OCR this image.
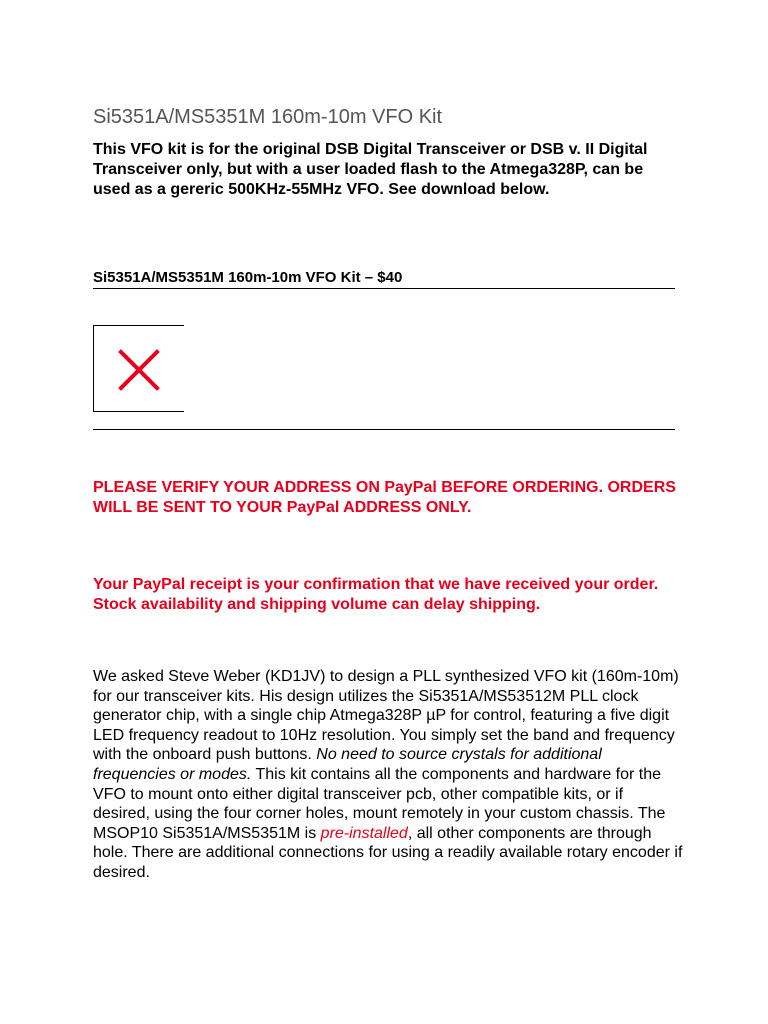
Si5351A/MS5351M 160m-10m VFO Kit

This VFO kit is for the original DSB Digital Transceiver or DSB v. II Digital Transceiver only, but with a user loaded flash to the Atmega328P, can be used as a gereric 500KHz-55MHz VFO. See download below.

Si5351A/MS5351M 160m-10m VFO Kit – $40

PLEASE VERIFY YOUR ADDRESS ON PayPal BEFORE ORDERING. ORDERS WILL BE SENT TO YOUR PayPal ADDRESS ONLY.

Your PayPal receipt is your confirmation that we have received your order. Stock availability and shipping volume can delay shipping.

We asked Steve Weber (KD1JV) to design a PLL synthesized VFO kit (160m-10m) for our transceiver kits. His design utilizes the Si5351A/MS53512M PLL clock generator chip, with a single chip Atmega328P µP for control, featuring a five digit LED frequency readout to 10Hz resolution. You simply set the band and frequency with the onboard push buttons. No need to source crystals for additional frequencies or modes. This kit contains all the components and hardware for the VFO to mount onto either digital transceiver pcb, other compatible kits, or if desired, using the four corner holes, mount remotely in your custom chassis. The MSOP10 Si5351A/MS5351M is pre-installed, all other components are through hole. There are additional connections for using a readily available rotary encoder if desired.
